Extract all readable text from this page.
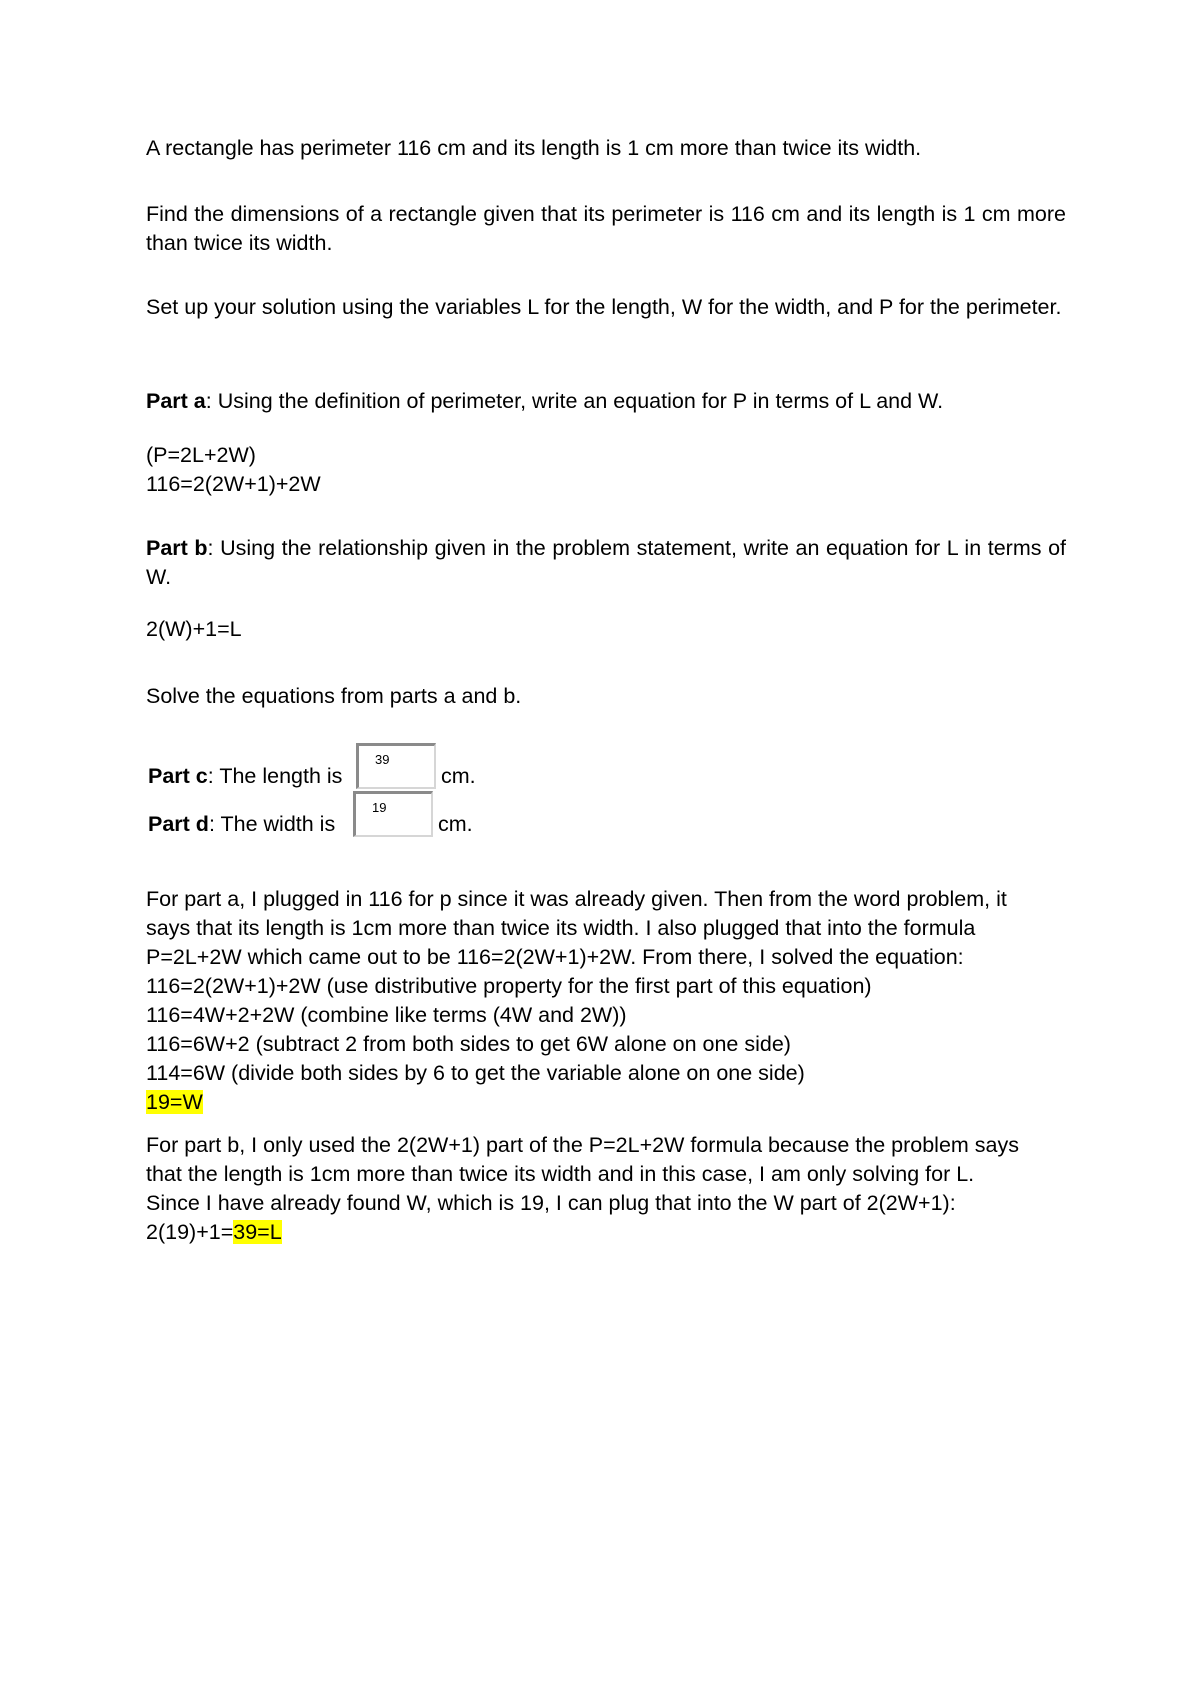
A rectangle has perimeter 116 cm and its length is 1 cm more than twice its width.

Find the dimensions of a rectangle given that its perimeter is 116 cm and its length is 1 cm more than twice its width.

Set up your solution using the variables L for the length, W for the width, and P for the perimeter.

Part a: Using the definition of perimeter, write an equation for P in terms of L and W.

(P=2L+2W)
116=2(2W+1)+2W

Part b: Using the relationship given in the problem statement, write an equation for L in terms of W.

2(W)+1=L

Solve the equations from parts a and b.

Part c: The length is
39
cm.
Part d: The width is
19
cm.

For part a, I plugged in 116 for p since it was already given. Then from the word problem, it
says that its length is 1cm more than twice its width. I also plugged that into the formula
P=2L+2W which came out to be 116=2(2W+1)+2W. From there, I solved the equation:
116=2(2W+1)+2W (use distributive property for the first part of this equation)
116=4W+2+2W (combine like terms (4W and 2W))
116=6W+2 (subtract 2 from both sides to get 6W alone on one side)
114=6W (divide both sides by 6 to get the variable alone on one side)
19=W

For part b, I only used the 2(2W+1) part of the P=2L+2W formula because the problem says
that the length is 1cm more than twice its width and in this case, I am only solving for L.
Since I have already found W, which is 19, I can plug that into the W part of 2(2W+1):
2(19)+1=39=L
